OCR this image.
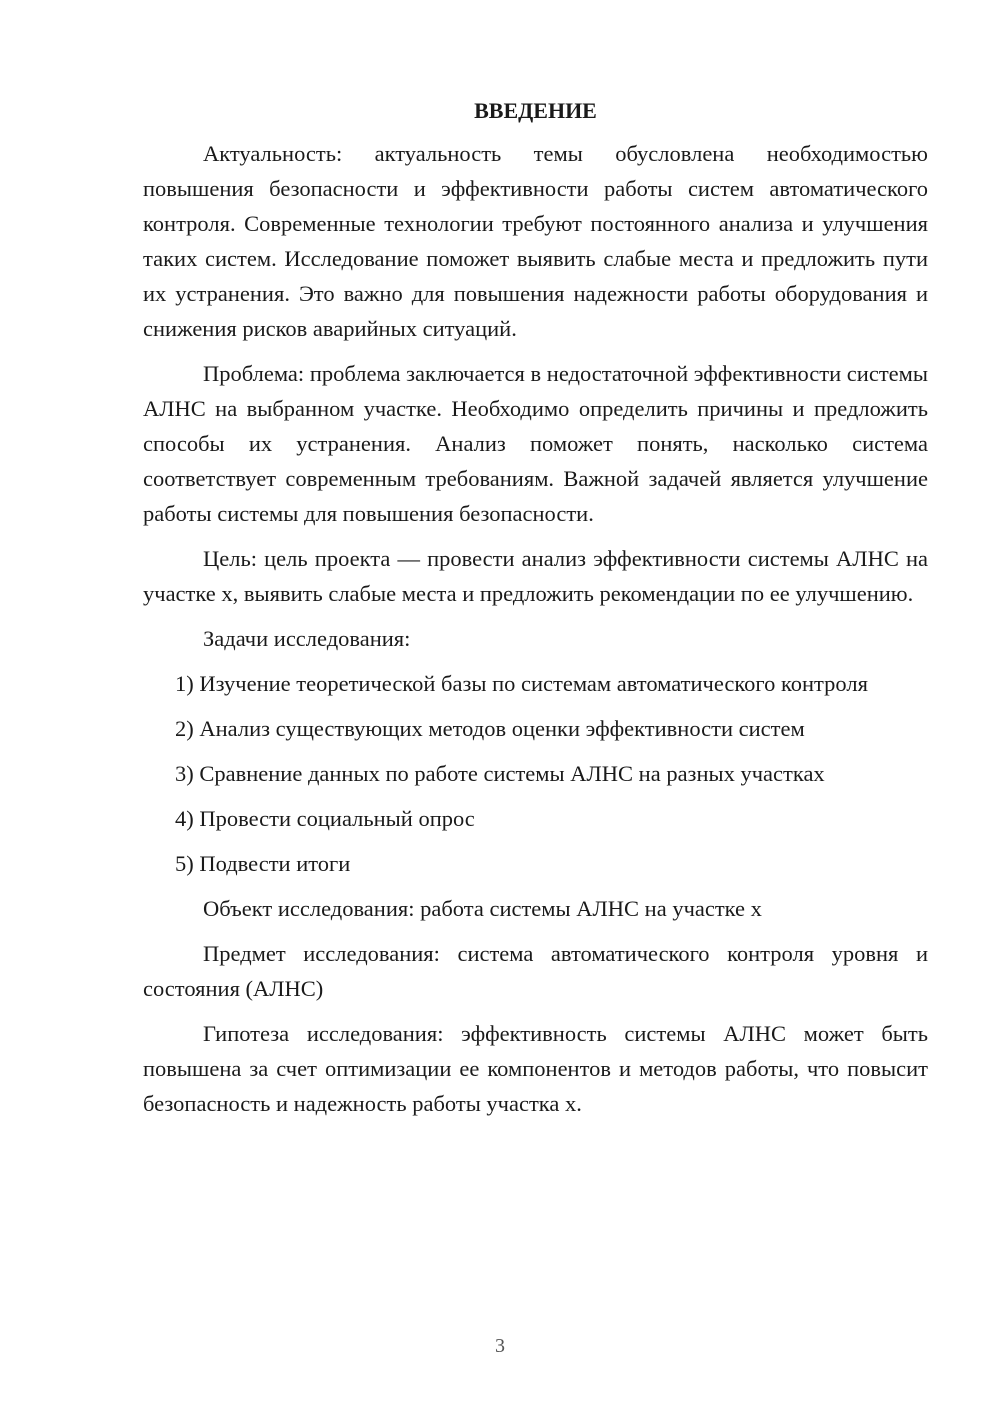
ВВЕДЕНИЕ

Актуальность: актуальность темы обусловлена необходимостью повышения безопасности и эффективности работы систем автоматического контроля. Современные технологии требуют постоянного анализа и улучшения таких систем. Исследование поможет выявить слабые места и предложить пути их устранения. Это важно для повышения надежности работы оборудования и снижения рисков аварийных ситуаций.

Проблема: проблема заключается в недостаточной эффективности системы АЛНС на выбранном участке. Необходимо определить причины и предложить способы их устранения. Анализ поможет понять, насколько система соответствует современным требованиям. Важной задачей является улучшение работы системы для повышения безопасности.

Цель: цель проекта — провести анализ эффективности системы АЛНС на участке x, выявить слабые места и предложить рекомендации по ее улучшению.

Задачи исследования:

1) Изучение теоретической базы по системам автоматического контроля

2) Анализ существующих методов оценки эффективности систем

3) Сравнение данных по работе системы АЛНС на разных участках

4) Провести социальный опрос

5) Подвести итоги

Объект исследования: работа системы АЛНС на участке x

Предмет исследования: система автоматического контроля уровня и состояния (АЛНС)

Гипотеза исследования: эффективность системы АЛНС может быть повышена за счет оптимизации ее компонентов и методов работы, что повысит безопасность и надежность работы участка x.

3
